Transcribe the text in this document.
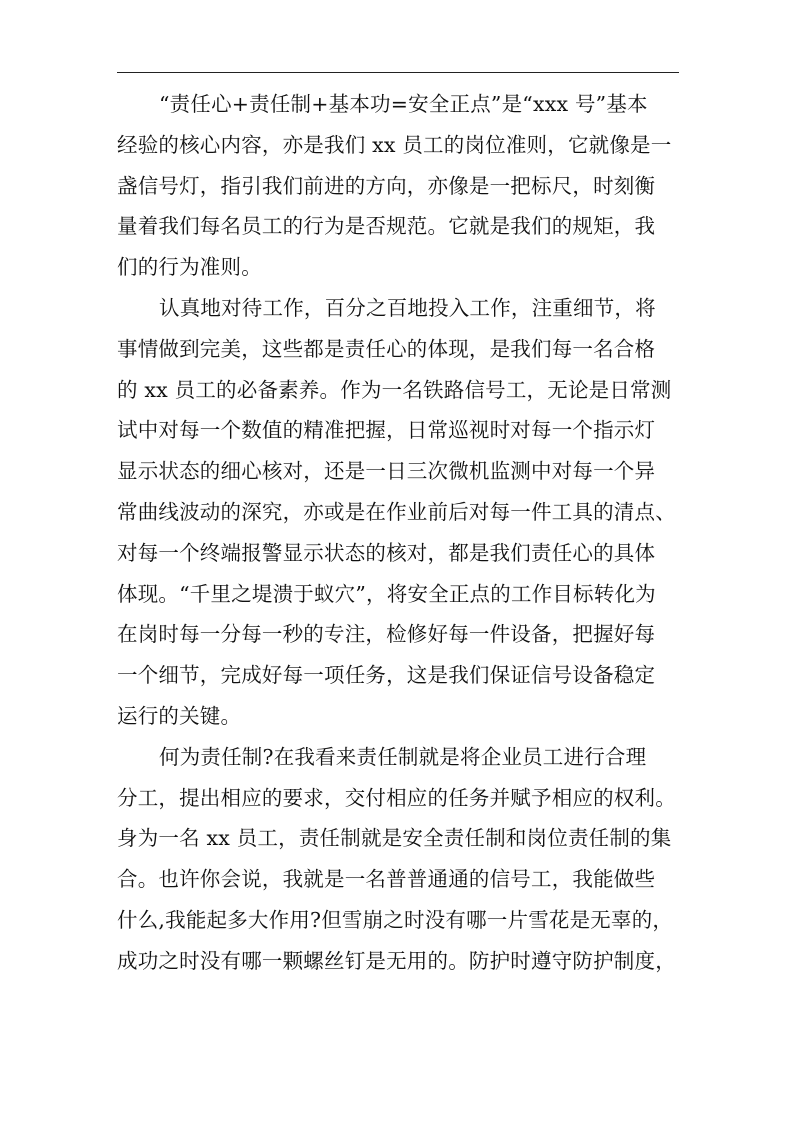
“责任心+责任制+基本功=安全正点”是“xxx 号”基本
经验的核心内容，亦是我们 xx 员工的岗位准则，它就像是一
盏信号灯，指引我们前进的方向，亦像是一把标尺，时刻衡
量着我们每名员工的行为是否规范。它就是我们的规矩，我
们的行为准则。
认真地对待工作，百分之百地投入工作，注重细节，将
事情做到完美，这些都是责任心的体现，是我们每一名合格
的 xx 员工的必备素养。作为一名铁路信号工，无论是日常测
试中对每一个数值的精准把握，日常巡视时对每一个指示灯
显示状态的细心核对，还是一日三次微机监测中对每一个异
常曲线波动的深究，亦或是在作业前后对每一件工具的清点、
对每一个终端报警显示状态的核对，都是我们责任心的具体
体现。“千里之堤溃于蚁穴”，将安全正点的工作目标转化为
在岗时每一分每一秒的专注，检修好每一件设备，把握好每
一个细节，完成好每一项任务，这是我们保证信号设备稳定
运行的关键。
何为责任制?在我看来责任制就是将企业员工进行合理
分工，提出相应的要求，交付相应的任务并赋予相应的权利。
身为一名 xx 员工，责任制就是安全责任制和岗位责任制的集
合。也许你会说，我就是一名普普通通的信号工，我能做些
什么,我能起多大作用?但雪崩之时没有哪一片雪花是无辜的，
成功之时没有哪一颗螺丝钉是无用的。防护时遵守防护制度，
